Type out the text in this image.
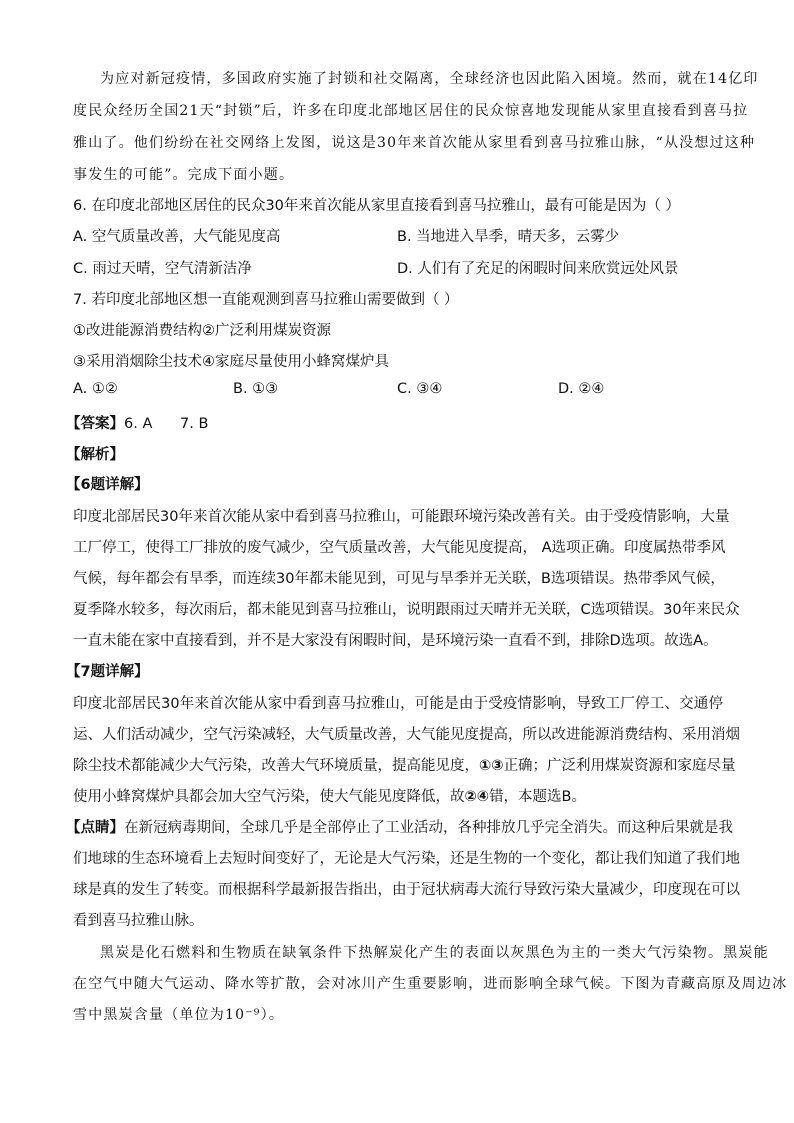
为应对新冠疫情，多国政府实施了封锁和社交隔离，全球经济也因此陷入困境。然而，就在14亿印
度民众经历全国21天“封锁”后，许多在印度北部地区居住的民众惊喜地发现能从家里直接看到喜马拉
雅山了。他们纷纷在社交网络上发图，说这是30年来首次能从家里看到喜马拉雅山脉，“从没想过这种
事发生的可能”。完成下面小题。
6. 在印度北部地区居住的民众30年来首次能从家里直接看到喜马拉雅山，最有可能是因为（ ）
A. 空气质量改善，大气能见度高	B. 当地进入旱季，晴天多，云雾少
C. 雨过天晴，空气清新洁净	D. 人们有了充足的闲暇时间来欣赏远处风景
7. 若印度北部地区想一直能观测到喜马拉雅山需要做到（ ）
①改进能源消费结构②广泛利用煤炭资源
③采用消烟除尘技术④家庭尽量使用小蜂窝煤炉具
A. ①②	B. ①③	C. ③④	D. ②④
【答案】6. A      7. B
【解析】
【6题详解】
印度北部居民30年来首次能从家中看到喜马拉雅山，可能跟环境污染改善有关。由于受疫情影响，大量
工厂停工，使得工厂排放的废气减少，空气质量改善，大气能见度提高， A选项正确。印度属热带季风
气候，每年都会有旱季，而连续30年都未能见到，可见与旱季并无关联，B选项错误。热带季风气候，
夏季降水较多，每次雨后，都未能见到喜马拉雅山，说明跟雨过天晴并无关联，C选项错误。30年来民众
一直未能在家中直接看到，并不是大家没有闲暇时间，是环境污染一直看不到，排除D选项。故选A。
【7题详解】
印度北部居民30年来首次能从家中看到喜马拉雅山，可能是由于受疫情影响，导致工厂停工、交通停
运、人们活动减少，空气污染减轻，大气质量改善，大气能见度提高，所以改进能源消费结构、采用消烟
除尘技术都能减少大气污染，改善大气环境质量，提高能见度，①③正确；广泛利用煤炭资源和家庭尽量
使用小蜂窝煤炉具都会加大空气污染，使大气能见度降低，故②④错，本题选B。
【点睛】在新冠病毒期间，全球几乎是全部停止了工业活动，各种排放几乎完全消失。而这种后果就是我
们地球的生态环境看上去短时间变好了，无论是大气污染，还是生物的一个变化，都让我们知道了我们地
球是真的发生了转变。而根据科学最新报告指出，由于冠状病毒大流行导致污染大量减少，印度现在可以
看到喜马拉雅山脉。
黑炭是化石燃料和生物质在缺氧条件下热解炭化产生的表面以灰黑色为主的一类大气污染物。黑炭能
在空气中随大气运动、降水等扩散，会对冰川产生重要影响，进而影响全球气候。下图为青藏高原及周边冰
雪中黑炭含量（单位为10⁻⁹）。
